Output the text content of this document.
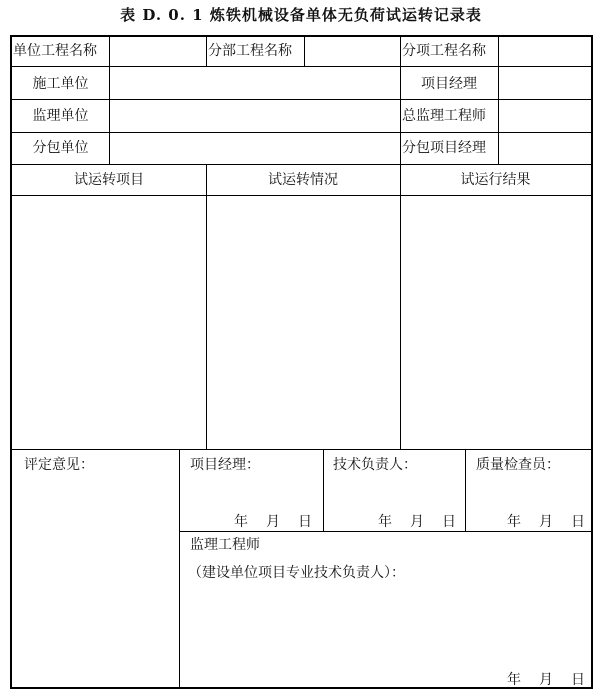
表 D. 0. 1 炼铁机械设备单体无负荷试运转记录表
单位工程名称	分部工程名称	分项工程名称
施工单位	项目经理
监理单位	总监理工程师
分包单位	分包项目经理
试运转项目	试运转情况	试运行结果
评定意见：	项目经理：	技术负责人：	质量检查员：
年 月 日	年 月 日	年 月 日
监理工程师
（建设单位项目专业技术负责人）：
年 月 日
